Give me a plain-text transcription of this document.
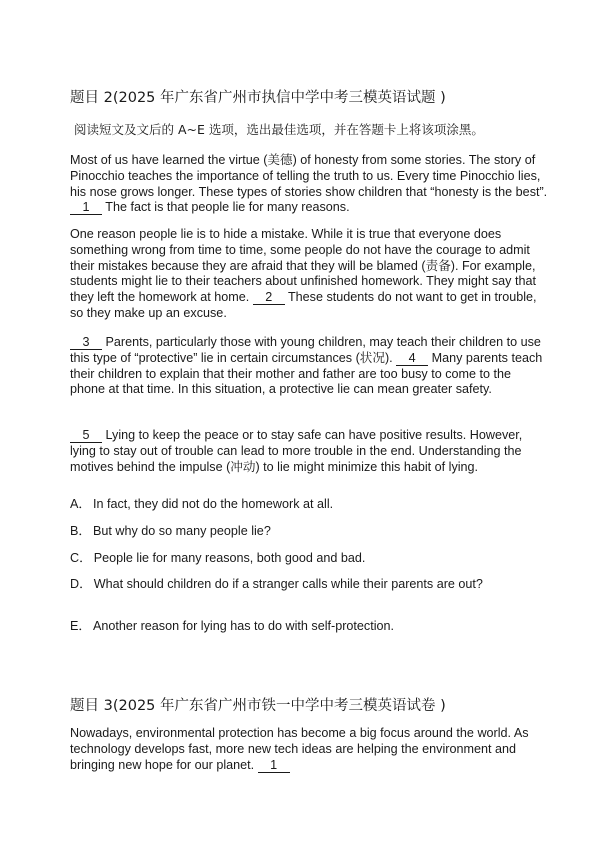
题目 2(2025 年广东省广州市执信中学中考三模英语试题 )
阅读短文及文后的 A~E 选项，选出最佳选项，并在答题卡上将该项涂黑。

Most of us have learned the virtue (美德) of honesty from some stories. The story of Pinocchio teaches the importance of telling the truth to us. Every time Pinocchio lies, his nose grows longer. These types of stories show children that “honesty is the best”. 1 The fact is that people lie for many reasons.

One reason people lie is to hide a mistake. While it is true that everyone does something wrong from time to time, some people do not have the courage to admit their mistakes because they are afraid that they will be blamed (责备). For example, students might lie to their teachers about unfinished homework. They might say that they left the homework at home. 2 These students do not want to get in trouble, so they make up an excuse.

3 Parents, particularly those with young children, may teach their children to use this type of “protective” lie in certain circumstances (状况). 4 Many parents teach their children to explain that their mother and father are too busy to come to the phone at that time. In this situation, a protective lie can mean greater safety.

5 Lying to keep the peace or to stay safe can have positive results. However, lying to stay out of trouble can lead to more trouble in the end. Understanding the motives behind the impulse (冲动) to lie might minimize this habit of lying.

A． In fact, they did not do the homework at all.
B． But why do so many people lie?
C． People lie for many reasons, both good and bad.
D． What should children do if a stranger calls while their parents are out?
E． Another reason for lying has to do with self-protection.
题目 3(2025 年广东省广州市铁一中学中考三模英语试卷 )

Nowadays, environmental protection has become a big focus around the world. As technology develops fast, more new tech ideas are helping the environment and bringing new hope for our planet. 1
